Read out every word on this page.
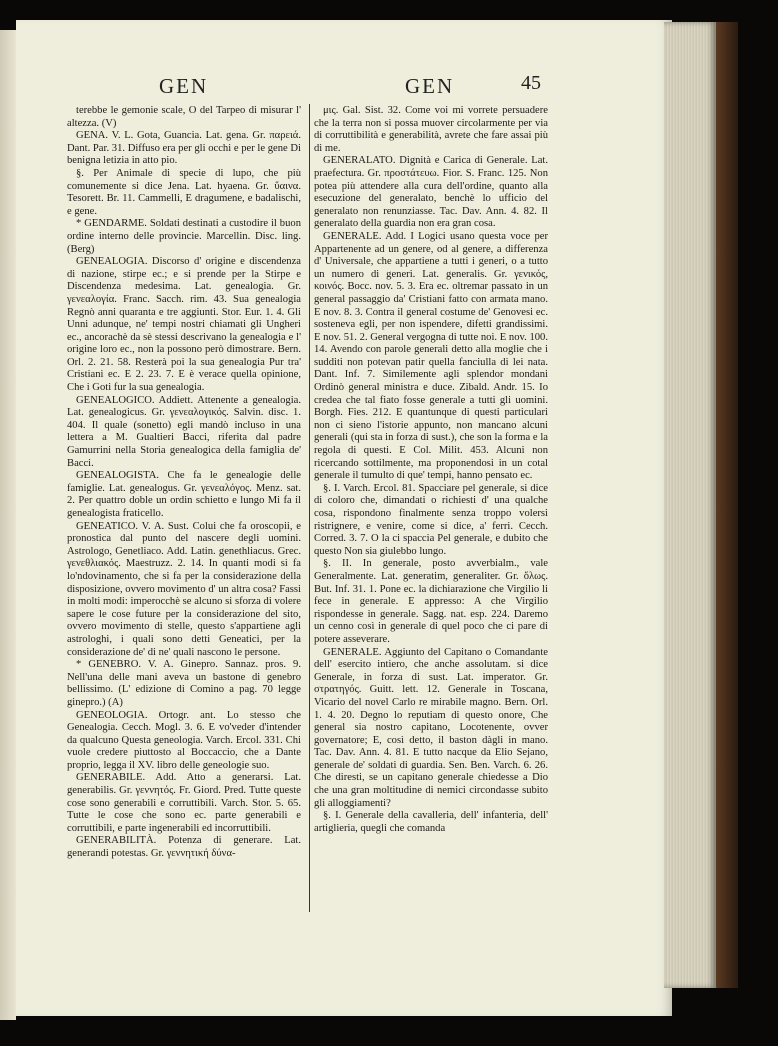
GEN	GEN	45

terebbe le gemonie scale, O del Tarpeo di misurar l' altezza. (V)

GENA. V. L. Gota, Guancia. Lat. gena. Gr. παρειά. Dant. Par. 31. Diffuso era per gli occhi e per le gene Di benigna letizia in atto pio.

§. Per Animale di specie di lupo, che più comunemente si dice Jena. Lat. hyaena. Gr. ὕαινα. Tesorett. Br. 11. Cammelli, E dragumene, e badalischi, e gene.

* GENDARME. Soldati destinati a custodire il buon ordine interno delle provincie. Marcellin. Disc. ling. (Berg)

GENEALOGIA. Discorso d' origine e discendenza di nazione, stirpe ec.; e si prende per la Stirpe e Discendenza medesima. Lat. genealogia. Gr. γενεαλογία. Franc. Sacch. rim. 43. Sua genealogia Regnò anni quaranta e tre aggiunti. Stor. Eur. 1. 4. Gli Unni adunque, ne' tempi nostri chiamati gli Ungheri ec., ancorachè da sè stessi descrivano la genealogia e l' origine loro ec., non la possono però dimostrare. Bern. Orl. 2. 21. 58. Resterà poi la sua genealogia Pur tra' Cristiani ec. E 2. 23. 7. E è verace quella opinione, Che i Goti fur la sua genealogia.

GENEALOGICO. Addiett. Attenente a genealogia. Lat. genealogicus. Gr. γενεαλογικός. Salvin. disc. 1. 404. Il quale (sonetto) egli mandò incluso in una lettera a M. Gualtieri Bacci, riferita dal padre Gamurrini nella Storia genealogica della famiglia de' Bacci.

GENEALOGISTA. Che fa le genealogie delle famiglie. Lat. genealogus. Gr. γενεαλόγος. Menz. sat. 2. Per quattro doble un ordin schietto e lungo Mi fa il genealogista fraticello.

GENEATICO. V. A. Sust. Colui che fa oroscopii, e pronostica dal punto del nascere degli uomini. Astrologo, Genetliaco. Add. Latin. genethliacus. Grec. γενεθλιακός. Maestruzz. 2. 14. In quanti modi si fa lo'ndovinamento, che si fa per la considerazione della disposizione, ovvero movimento d' un altra cosa? Fassi in molti modi: imperocchè se alcuno si sforza di volere sapere le cose future per la considerazione del sito, ovvero movimento di stelle, questo s'appartiene agli astrologhi, i quali sono detti Geneatici, per la considerazione de' di ne' quali nascono le persone.

* GENEBRO. V. A. Ginepro. Sannaz. pros. 9. Nell'una delle mani aveva un bastone di genebro bellissimo. (L' edizione di Comino a pag. 70 legge ginepro.) (A)

GENEOLOGIA. Ortogr. ant. Lo stesso che Genealogia. Cecch. Mogl. 3. 6. E vo'veder d'intender da qualcuno Questa geneologia. Varch. Ercol. 331. Chi vuole credere piuttosto al Boccaccio, che a Dante proprio, legga il XV. libro delle geneologie suo.

GENERABILE. Add. Atto a generarsi. Lat. generabilis. Gr. γεννητός. Fr. Giord. Pred. Tutte queste cose sono generabili e corruttibili. Varch. Stor. 5. 65. Tutte le cose che sono ec. parte generabili e corruttibili, e parte ingenerabili ed incorruttibili.

GENERABILITÀ. Potenza di generare. Lat. generandi potestas. Gr. γεννητική δύνα-

μις. Gal. Sist. 32. Come voi mi vorrete persuadere che la terra non si possa muover circolarmente per via di corruttibilità e generabilità, avrete che fare assai più di me.

GENERALATO. Dignità e Carica di Generale. Lat. praefectura. Gr. προστάτευω. Fior. S. Franc. 125. Non potea più attendere alla cura dell'ordine, quanto alla esecuzione del generalato, benchè lo ufficio del generalato non renunziasse. Tac. Dav. Ann. 4. 82. Il generalato della guardia non era gran cosa.

GENERALE. Add. I Logici usano questa voce per Appartenente ad un genere, od al genere, a differenza d' Universale, che appartiene a tutti i generi, o a tutto un numero di generi. Lat. generalis. Gr. γενικός, κοινός. Bocc. nov. 5. 3. Era ec. oltremar passato in un general passaggio da' Cristiani fatto con armata mano. E nov. 8. 3. Contra il general costume de' Genovesi ec. sosteneva egli, per non ispendere, difetti grandissimi. E nov. 51. 2. General vergogna di tutte noi. E nov. 100. 14. Avendo con parole generali detto alla moglie che i sudditi non potevan patir quella fanciulla di lei nata. Dant. Inf. 7. Similemente agli splendor mondani Ordinò general ministra e duce. Zibald. Andr. 15. Io credea che tal fiato fosse generale a tutti gli uomini. Borgh. Fies. 212. E quantunque di questi particulari non ci sieno l'istorie appunto, non mancano alcuni generali (qui sta in forza di sust.), che son la forma e la regola di questi. E Col. Milit. 453. Alcuni non ricercando sottilmente, ma proponendosi in un cotal generale il tumulto di que' tempi, hanno pensato ec.

§. I. Varch. Ercol. 81. Spacciare pel generale, si dice di coloro che, dimandati o richiesti d' una qualche cosa, rispondono finalmente senza troppo volersi ristrignere, e venire, come si dice, a' ferri. Cecch. Corred. 3. 7. O la ci spaccia Pel generale, e dubito che questo Non sia giulebbo lungo.

§. II. In generale, posto avverbialm., vale Generalmente. Lat. generatim, generaliter. Gr. ὅλως. But. Inf. 31. 1. Pone ec. la dichiarazione che Virgilio li fece in generale. E appresso: A che Virgilio rispondesse in generale. Sagg. nat. esp. 224. Daremo un cenno così in generale di quel poco che ci pare di potere asseverare.

GENERALE. Aggiunto del Capitano o Comandante dell' esercito intiero, che anche assolutam. si dice Generale, in forza di sust. Lat. imperator. Gr. στρατηγός. Guitt. lett. 12. Generale in Toscana, Vicario del novel Carlo re mirabile magno. Bern. Orl. 1. 4. 20. Degno lo reputiam di questo onore, Che general sia nostro capitano, Locotenente, ovver governatore; E, così detto, il baston dàgli in mano. Tac. Dav. Ann. 4. 81. E tutto nacque da Elio Sejano, generale de' soldati di guardia. Sen. Ben. Varch. 6. 26. Che diresti, se un capitano generale chiedesse a Dio che una gran moltitudine di nemici circondasse subito gli alloggiamenti?

§. I. Generale della cavalleria, dell' infanteria, dell' artiglieria, quegli che comanda
